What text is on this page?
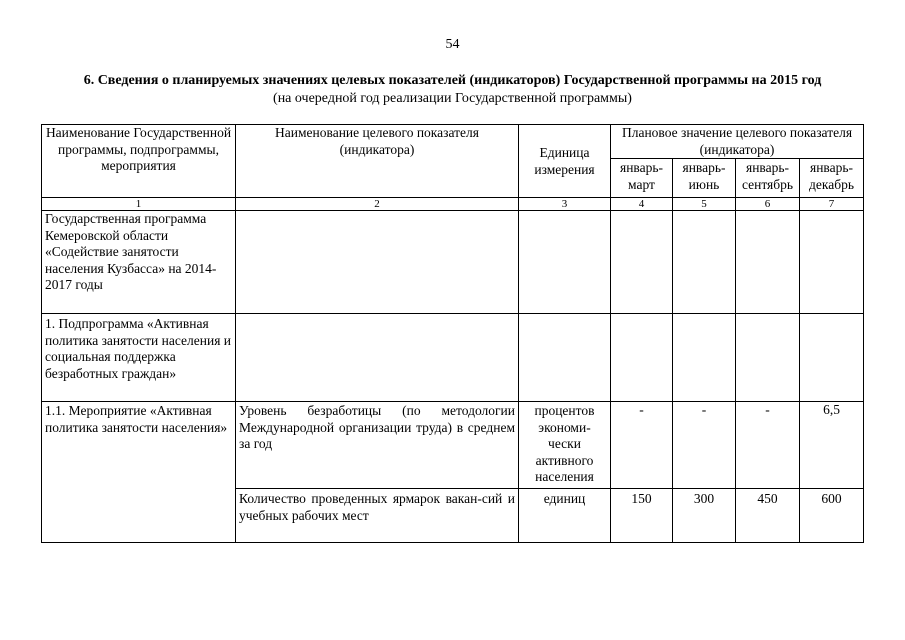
54
6. Сведения о планируемых значениях целевых показателей (индикаторов) Государственной программы на 2015 год
(на очередной год реализации Государственной программы)
Наименование Государственной программы, подпрограммы, мероприятия	Наименование целевого показателя (индикатора)	Единица измерения	Плановое значение целевого показателя (индикатора)			
			январь-март	январь-июнь	январь-сентябрь	январь-декабрь
1	2	3	4	5	6	7
Государственная программа Кемеровской области «Содействие занятости населения Кузбасса» на 2014-2017 годы						
1. Подпрограмма «Активная политика занятости населения и социальная поддержка безработных граждан»						
1.1. Мероприятие «Активная политика занятости населения»	Уровень безработицы (по методологии Международной организации труда) в среднем за год	процентов экономи-чески активного населения	-	-	-	6,5
	Количество проведенных ярмарок вакан-сий и учебных рабочих мест	единиц	150	300	450	600
